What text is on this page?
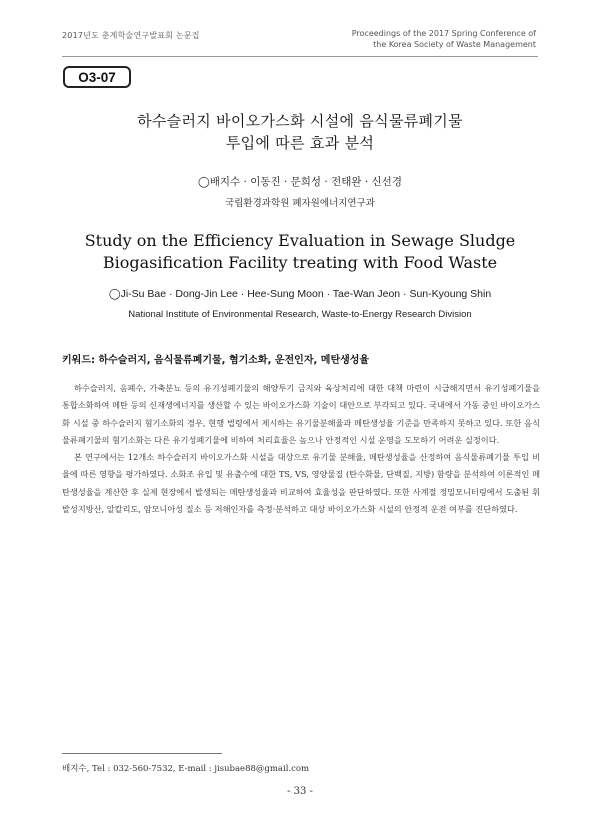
2017년도 춘계학술연구발표회 논문집	Proceedings of the 2017 Spring Conference of
the Korea Society of Waste Management
O3-07
하수슬러지 바이오가스화 시설에 음식물류폐기물
투입에 따른 효과 분석
◯배지수 · 이동진 · 문희성 · 전태완 · 신선경
국립환경과학원 폐자원에너지연구과
Study on the Efficiency Evaluation in Sewage Sludge
Biogasification Facility treating with Food Waste
◯Ji-Su Bae · Dong-Jin Lee · Hee-Sung Moon · Tae-Wan Jeon · Sun-Kyoung Shin
National Institute of Environmental Research, Waste-to-Energy Research Division
키워드: 하수슬러지, 음식물류폐기물, 혐기소화, 운전인자, 메탄생성율

하수슬러지, 음폐수, 가축분뇨 등의 유기성폐기물의 해양투기 금지와 육상처리에 대한 대책 마련이 시급해지면서 유기성폐기물을 통합소화하여 메탄 등의 신재생에너지를 생산할 수 있는 바이오가스화 기술이 대안으로 부각되고 있다. 국내에서 가동 중인 바이오가스화 시설 중 하수슬러지 혐기소화의 경우, 현행 법령에서 제시하는 유기물분해율과 메탄생성율 기준을 만족하지 못하고 있다. 또한 음식물류폐기물의 혐기소화는 다른 유기성폐기물에 비하여 처리효율은 높으나 안정적인 시설 운영을 도모하기 어려운 실정이다.

본 연구에서는 12개소 하수슬러지 바이오가스화 시설을 대상으로 유기물 분해율, 메탄생성율을 산정하여 음식물류폐기물 투입 비율에 따른 영향을 평가하였다. 소화조 유입 및 유출수에 대한 TS, VS, 영양물질 (탄수화물, 단백질, 지방) 함량을 분석하여 이론적인 메탄생성율을 계산한 후 실제 현장에서 발생되는 메탄생성율과 비교하여 효율성을 판단하였다. 또한 사계절 정밀모니터링에서 도출된 휘발성지방산, 알칼리도, 암모니아성 질소 등 저해인자를 측정·분석하고 대상 바이오가스화 시설의 안정적 운전 여부를 진단하였다.

배지수, Tel : 032-560-7532, E-mail : jisubae88@gmail.com
- 33 -
